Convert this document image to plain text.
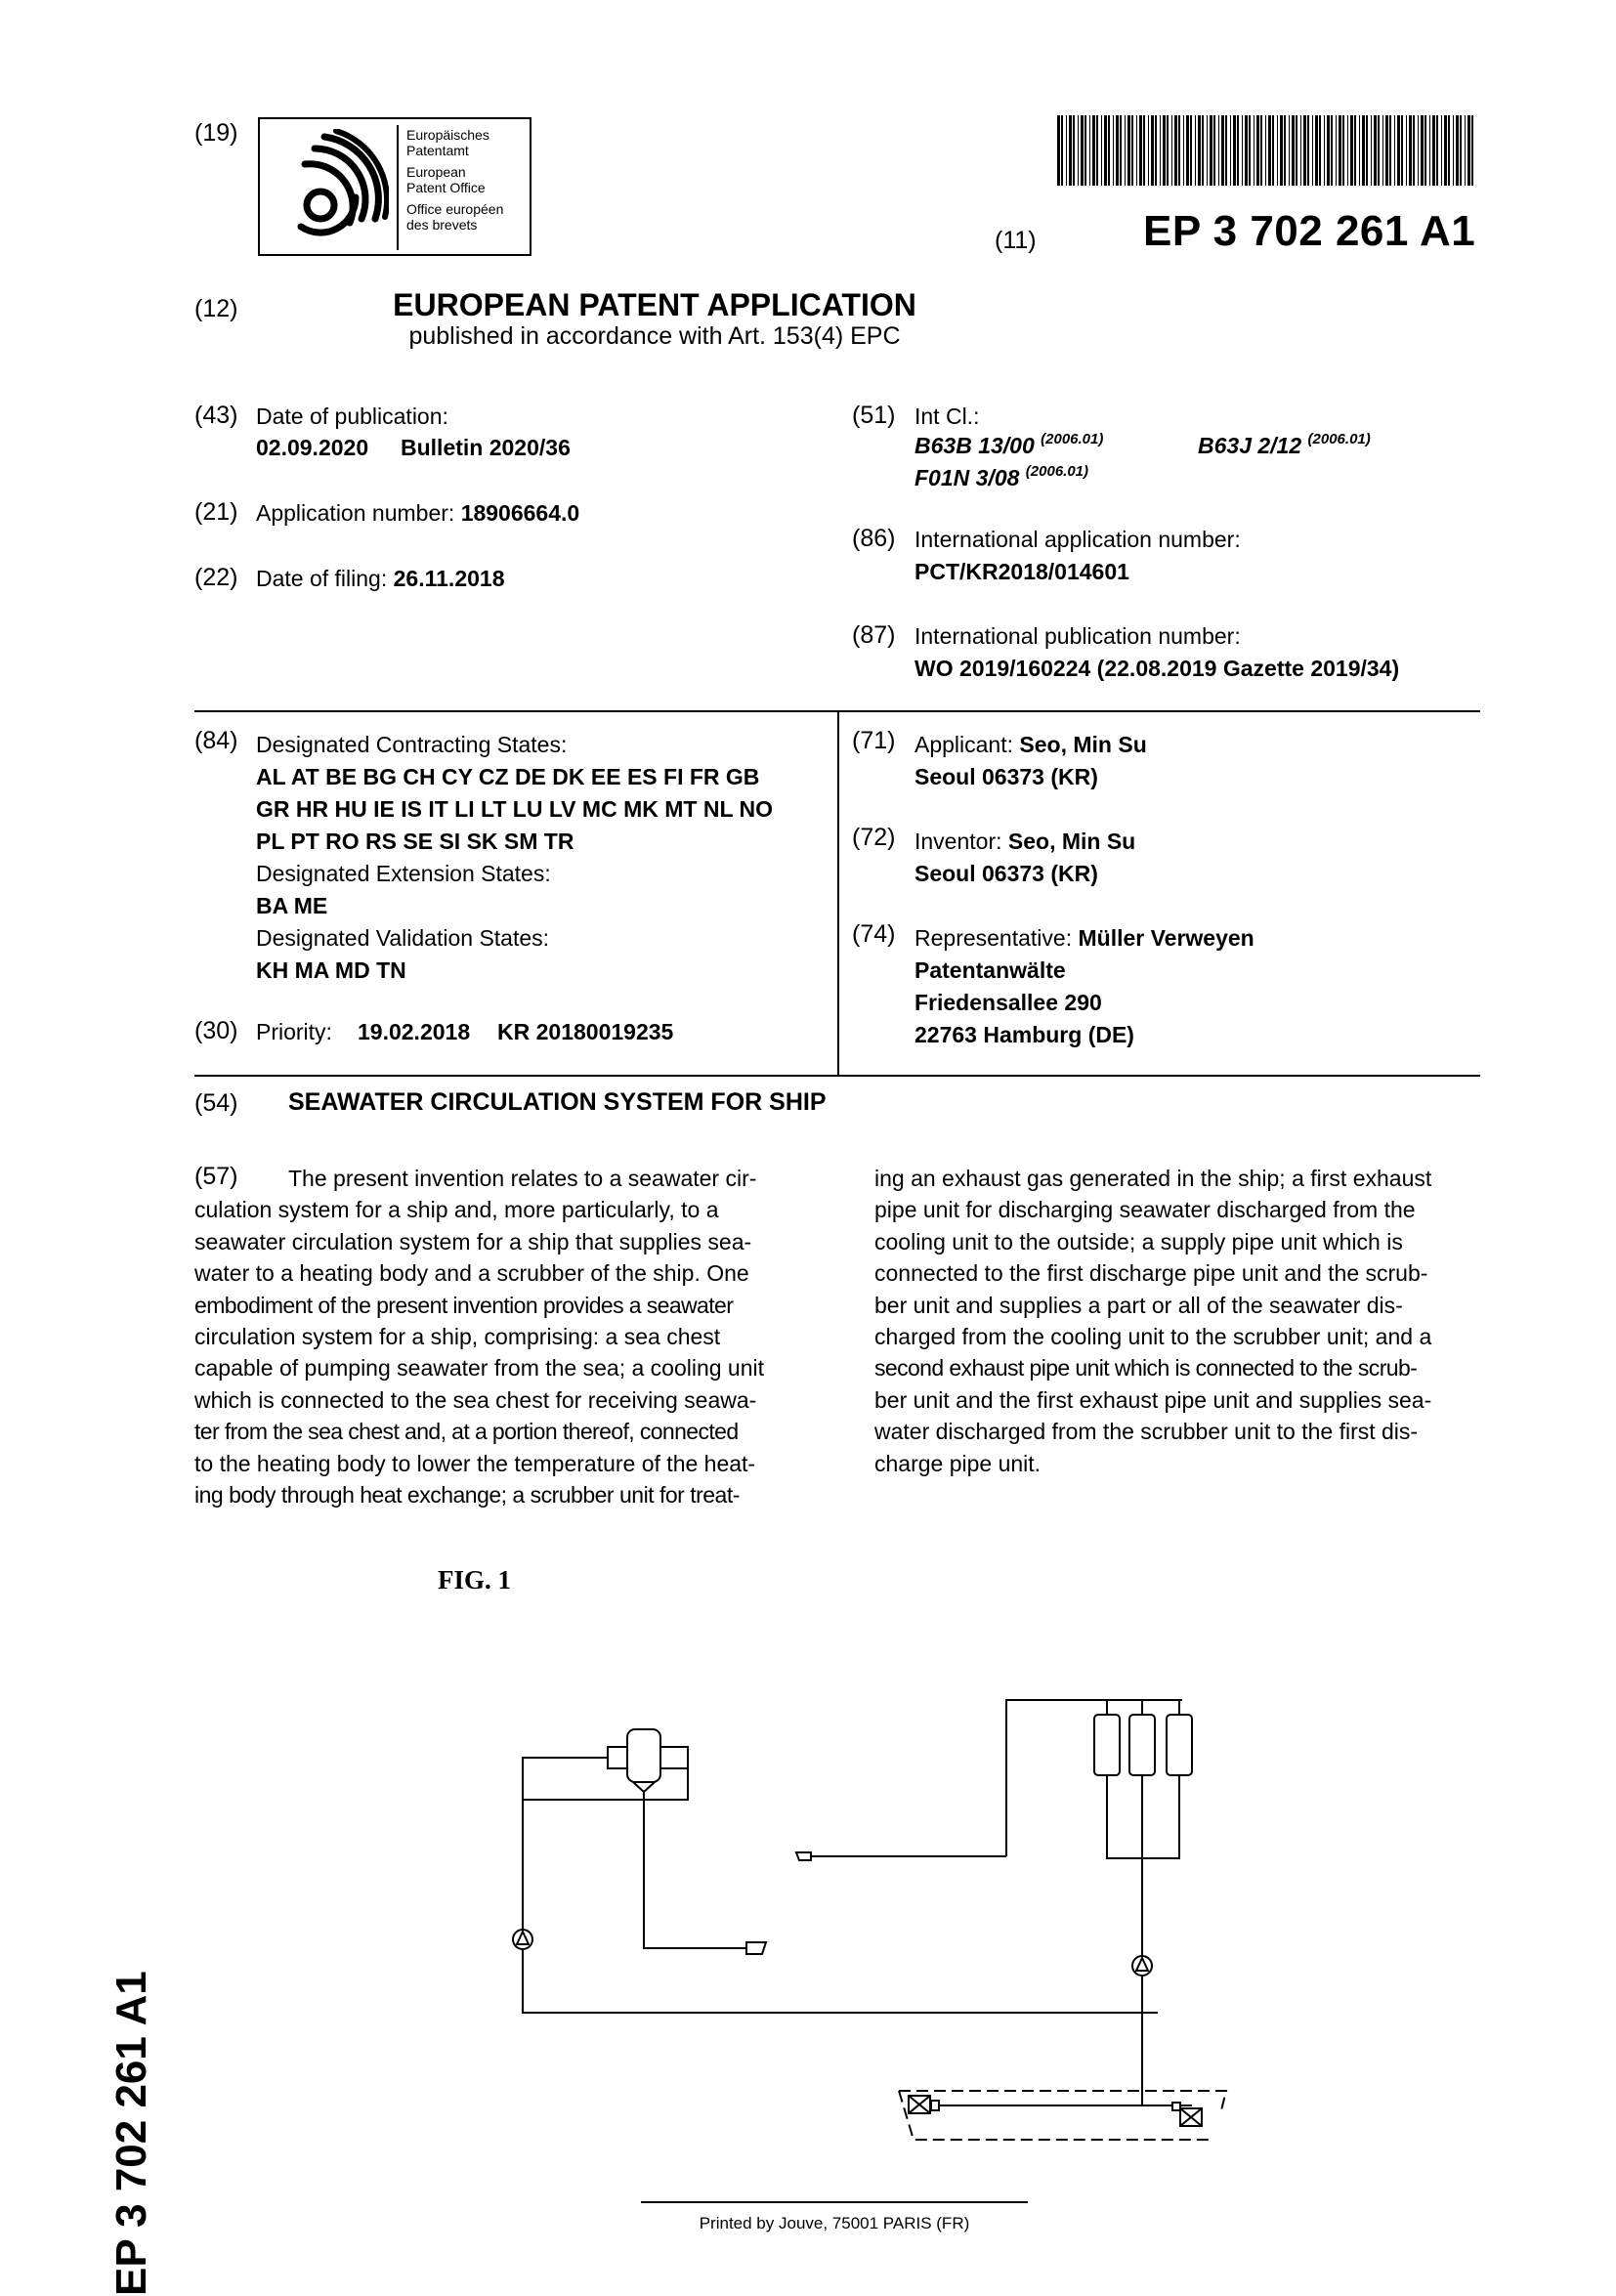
(19)	Europäisches
Patentamt
European
Patent Office
Office européen
des brevets
(11) EP 3 702 261 A1
(12)	EUROPEAN PATENT APPLICATION
published in accordance with Art. 153(4) EPC
(43) Date of publication:
02.09.2020 Bulletin 2020/36
(21) Application number: 18906664.0
(22) Date of filing: 26.11.2018
(51) Int Cl.:
B63B 13/00 $^{(2006.01)}$	B63J 2/12 $^{(2006.01)}$
F01N 3/08 $^{(2006.01)}$
(86) International application number:
PCT/KR2018/014601
(87) International publication number:
WO 2019/160224 (22.08.2019 Gazette 2019/34)
(84) Designated Contracting States:
AL AT BE BG CH CY CZ DE DK EE ES FI FR GB
GR HR HU IE IS IT LI LT LU LV MC MK MT NL NO
PL PT RO RS SE SI SK SM TR
Designated Extension States:
BA ME
Designated Validation States:
KH MA MD TN
(30) Priority: 19.02.2018 KR 20180019235
(71) Applicant: Seo, Min Su
Seoul 06373 (KR)
(72) Inventor: Seo, Min Su
Seoul 06373 (KR)
(74) Representative: Müller Verweyen
Patentanwälte
Friedensallee 290
22763 Hamburg (DE)
(54) SEAWATER CIRCULATION SYSTEM FOR SHIP
(57)	The present invention relates to a seawater cir-
culation system for a ship and, more particularly, to a
seawater circulation system for a ship that supplies sea-
water to a heating body and a scrubber of the ship. One
embodiment of the present invention provides a seawater
circulation system for a ship, comprising: a sea chest
capable of pumping seawater from the sea; a cooling unit
which is connected to the sea chest for receiving seawa-
ter from the sea chest and, at a portion thereof, connected
to the heating body to lower the temperature of the heat-
ing body through heat exchange; a scrubber unit for treat-
ing an exhaust gas generated in the ship; a first exhaust
pipe unit for discharging seawater discharged from the
cooling unit to the outside; a supply pipe unit which is
connected to the first discharge pipe unit and the scrub-
ber unit and supplies a part or all of the seawater dis-
charged from the cooling unit to the scrubber unit; and a
second exhaust pipe unit which is connected to the scrub-
ber unit and the first exhaust pipe unit and supplies sea-
water discharged from the scrubber unit to the first dis-
charge pipe unit.
FIG. 1
EP 3 702 261 A1	Printed by Jouve, 75001 PARIS (FR)
